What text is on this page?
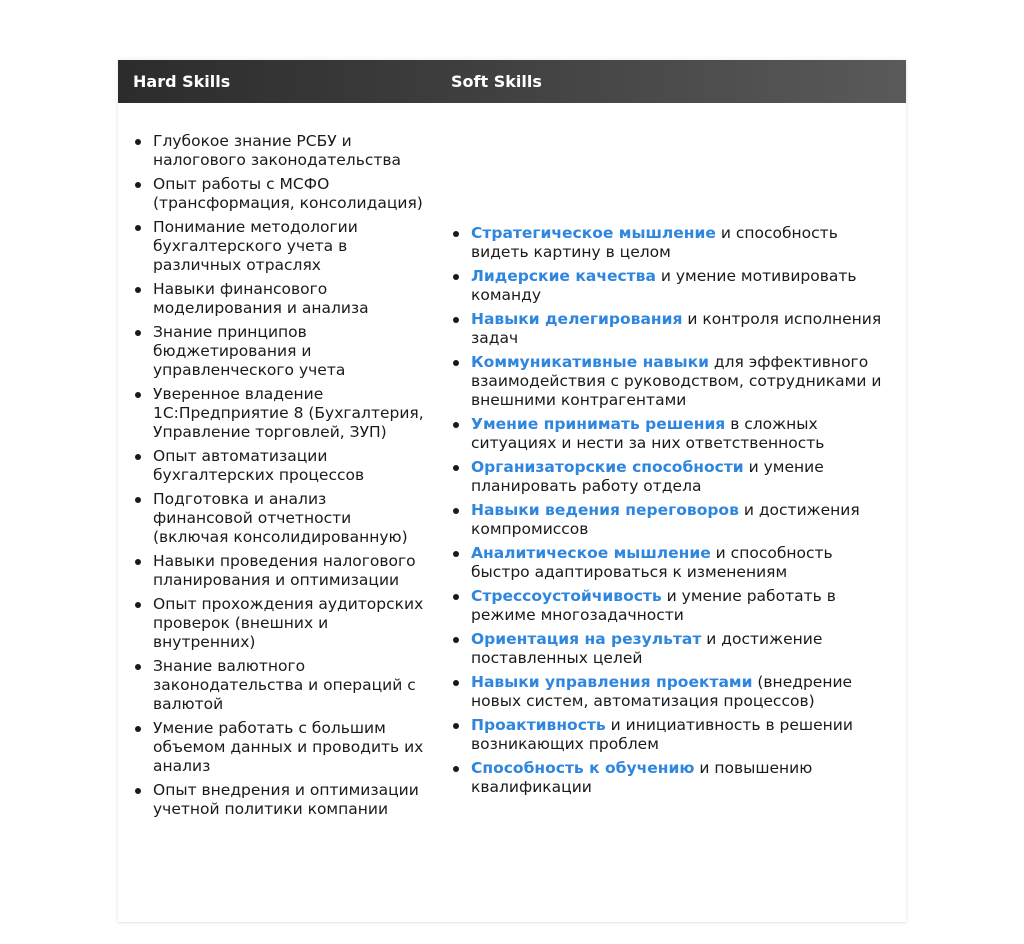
Hard Skills	Soft Skills
Глубокое знание РСБУ и налогового законодательства
Опыт работы с МСФО (трансформация, консолидация)
Понимание методологии бухгалтерского учета в различных отраслях
Навыки финансового моделирования и анализа
Знание принципов бюджетирования и управленческого учета
Уверенное владение 1С:Предприятие 8 (Бухгалтерия, Управление торговлей, ЗУП)
Опыт автоматизации бухгалтерских процессов
Подготовка и анализ финансовой отчетности (включая консолидированную)
Навыки проведения налогового планирования и оптимизации
Опыт прохождения аудиторских проверок (внешних и внутренних)
Знание валютного законодательства и операций с валютой
Умение работать с большим объемом данных и проводить их анализ
Опыт внедрения и оптимизации учетной политики компании
Стратегическое мышление и способность видеть картину в целом
Лидерские качества и умение мотивировать команду
Навыки делегирования и контроля исполнения задач
Коммуникативные навыки для эффективного взаимодействия с руководством, сотрудниками и внешними контрагентами
Умение принимать решения в сложных ситуациях и нести за них ответственность
Организаторские способности и умение планировать работу отдела
Навыки ведения переговоров и достижения компромиссов
Аналитическое мышление и способность быстро адаптироваться к изменениям
Стрессоустойчивость и умение работать в режиме многозадачности
Ориентация на результат и достижение поставленных целей
Навыки управления проектами (внедрение новых систем, автоматизация процессов)
Проактивность и инициативность в решении возникающих проблем
Способность к обучению и повышению квалификации
